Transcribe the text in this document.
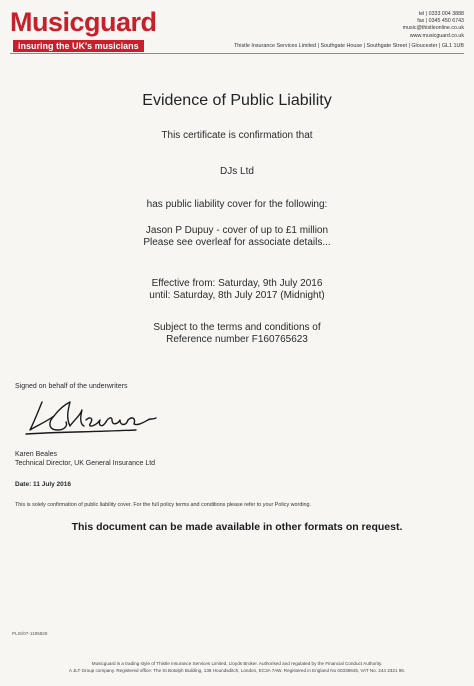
Musicguard
insuring the UK's musicians
tel | 0333 004 3888
fax | 0345 450 6743
music@thistleonline.co.uk
www.musicguard.co.uk
Thistle Insurance Services Limited | Southgate House | Southgate Street | Gloucester | GL1 1UB
Evidence of Public Liability
This certificate is confirmation that
DJs Ltd
has public liability cover for the following:
Jason P Dupuy - cover of up to £1 million
Please see overleaf for associate details...
Effective from: Saturday, 9th July 2016
until: Saturday, 8th July 2017 (Midnight)
Subject to the terms and conditions of
Reference number F160765623
Signed on behalf of the underwriters
Karen Beales
Technical Director, UK General Insurance Ltd
Date: 11 July 2016
This is solely confirmation of public liability cover. For the full policy terms and conditions please refer to your Policy wording.
This document can be made available in other formats on request.
PLIS/07-1195829
Musicguard is a trading style of Thistle Insurance Services Limited, Lloyds Broker. Authorised and regulated by the Financial Conduct Authority.
A JLT Group company. Registered office: The St Botolph Building, 138 Houndsditch, London, EC3A 7AW. Registered in England No 00338645, VAT No. 244 2321 96.
